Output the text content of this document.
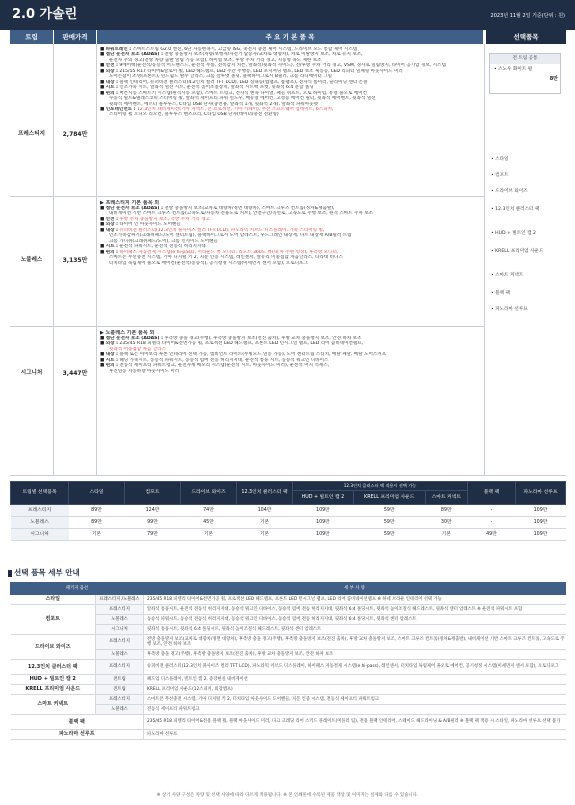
2.0 가솔린	2023년 11월 2일 기준(단위 : 원)
트림	판매가격	주 요 기 본 품 목	선택품목
프레스티지	2,784만
■ 파워트레인 : 스마트스트림 G2.0 엔진, 6단 자동변속기, 고급형 ISG, 축전지 충전 제어 시스템, 드라이브 모드 통합 제어 시스템
■ 첨단 운전자 보조 (ADAS) : 전방 충돌방지 보조(차량/보행자/자전거 탑승자/교차로 대향차), 차로 이탈방지 보조, 차로 유지 보조,
운전자 주의 경고(전방 차량 출발 알림 기능 포함), 하이빔 보조, 후방 주차 거리 경고, 지능형 속도 제한 보조
■ 안전 : 9에어백(운전석/동승석 어드밴스드, 운전석 무릎, 전복감지 커튼, 앞좌석/뒷좌석 사이드), 전/후방 주차 거리 경고, VSM, 경사로 밀림방지, 타이어 공기압 경보, 시스템
■ 외장 : 215/55 R17 타이어&알로이 휠, LED 헤드램프, LED 주간 주행등, LED 포지셔닝 램프, LED 보조 제동등, LED 리피터 일체형 아웃사이드 미러
도어손잡이 조명(프론트), 윈드쉴드 발수 글라스, 크롬 샬루엣 몰딩, 블랙하이그로시 B필러, 크롬 라디에이터 그릴
■ 내장 : 블랙 인테리어, 슈퍼비전 클러스터(4.2인치 컬러 TFT LCD), LED 실내등(맵램프, 룸램프), 전자식 룸미러, 슬라이딩 센터 콘솔
■ 시트 : 인조가죽 시트, 앞좌석 열선 시트, 운전석 높이조절장치, 앞좌석 시트백 포켓, 뒷좌석 6:4 분할 폴딩
■ 편의 : 버튼시동 스마트키 시스템(원격시동 포함), 스마트 트렁크, 전자식 변속 다이얼, 패들 쉬프트, 오토 하이빔, 듀얼 풀오토 에어컨
수동식 틸트&텔레스코픽 스티어링 휠, 앞좌석 세이프티 파워 윈도우, 매뉴얼 에어컨, 고성능 에어컨 필터, 뒷좌석 에어벤트, 뒷좌석 열선
뒷좌석 에어벤트, 에르터 블루투스, C타입 USB 단자(충전용, 앞좌석 1개, 뒷좌석 2개), 앞좌석 파워아웃렛
■ 인포테인먼트 : 12.3인치 내비게이션(기아 커넥트, 폰 프로젝션, 기아 카페이), 무선 소프트웨어 업데이트, 6스피커,
스티어링 휠 오디오 리모컨, 블루투스 핸즈프리, C타입 USB 단자(데이터/충전 전환형)
노블레스	3,135만
▶ 프레스티지 기본 품목 외
■ 첨단 운전자 보조 (ADAS) : 전방 충돌방지 보조(교차로 대향차/정면 대향차), 스마트 크루즈 컨트롤(정차&재출발),
내비게이션 기반 스마트 크루즈 컨트롤(고속도로/자동차 전용도로 커브), 안전구간/곡선로, 고속도로 주행 보조, 원격 스마트 주차 보조
■ 안전 : 후방 주차 충돌방지 보조, 측방 주차 거리 경고
■ 외장 : 타이어 인 아웃사이드 도어핸들
■ 내장 : 슈퍼비전 클러스터(12.3인치 풀사이즈 컬러 TFT LCD), 파노라믹 커브드 디스플레이, 가죽 스티어링 휠,
인조가죽감싸기(크래쉬패드/도어 센터트림), 블랙하이그로시 도어 암레스트, 우드그레인 내장재, 나트 내장재 A/B필러 트림
크롬 가니쉬(크래쉬패드/도어), 크롬 인사이드 도어핸들
■ 시트 : 운전석 파워시트, 운전석 전동식 허리지지대
■ 편의 : 하이패스 자동결제 시스템(e hi-pass), 서라운드 뷰 모니터, 리모트 360도 뷰(내 차 주변 영상), 후측방 모니터,
스마트폰 무선충전 시스템, 기아 디지털 키 2, 지문 인증 시스템, 레인센서, 앞유리 이중접합 차음글라스, 타라대 비디스
터치타입 독립제어 풀오토 에어컨(운전석/동승석), 공기청정 시스템(미세먼지 센서 포함), 오토디포그
시그니처	3,447만
▶ 노블레스 기본 품목 외
■ 첨단 운전자 보조 (ADAS) : 후측방 충돌 경고(주행), 후측방 충돌방지 보조(전진 출차), 후방 교차 충돌방지 보조, 안전 하차 보조
■ 외장 : 235/45 R18 피렐리 타이어&전면가공 휠, 프로젝션 LED 헤드램프, 프론트 LED 턴시그널 램프, LED 리어 콤비네이션램프,
뒷좌석 이중접합 차음 글라스
■ 내장 : 블랙 또는 아이보리 투톤 인테리어 선택 가능, 엠비언트 라이트(무빙모드 연동 가능), 도어 센터트림 스티치, 메탈 페달, 메탈 도어스커프
■ 시트 : 헤딩 가죽시트, 동승석 파워시트, 동승석 럼버 전동 허리지지대, 운전석 통풍 시트, 동승석 워크인 디바이스
■ 편의 : 전동식 세이프티 파워트렁크, 운전자세 메모리 시스템(운전석 시트, 아웃사이드 미러), 운전석 이지 억세스,
후진연동 자동하향 아웃사이드 미러
전 트림 공통
• 스노우 화이트 펄
8만
• 스타일
• 컴포트
• 드라이브 와이즈
• 12.3인치 클러스터 팩
• HUD + 빌트인 캠 2
• KRELL 프리미엄 사운드
• 스마트 커넥트
• 블랙 팩
• 파노라마 선루프
트림별 선택품목	스타일	컴포트	드라이브 와이즈	12.3인치 클러스터 팩	12.3인치 클러스터 팩 적용시 선택 가능			블랙 팩	파노라마 선루프
					HUD + 빌트인 캠 2	KRELL 프리미엄 사운드	스마트 커넥트		
프레스티지	89만	124만	74만	104만	109만	59만	89만	-	109만
노블레스	89만	99만	45만	기본	109만	59만	30만	-	109만
시그니처	기본	79만	기본	기본	109만	59만	기본	49만	109만
선택 품목 세부 안내
패키지 옵션		세 부 사 양
스타일	프레스티지 /노블레스	235/45 R18 피렐리 타이어&전면가공 휠, 프로젝션 LED 헤드램프, 프론트 LED 턴시그널 램프, LED 리어 콤비네이션램프 ※ 하네 브라운 인테리어 선택 가능
컴포트	프레스티지	앞좌석 통풍시트, 운전석 전동식 허리지지대, 동승석 워크인 디바이스, 동승석 럼버 전동 허리지지대, 뒷좌석 6:4 폴딩시트, 뒷좌석 높이조절식 헤드레스트, 뒷좌석 센터 암레스트 ※ 운전석 파워시트 포함
	노블레스	동승석 파워시트, 동승석 전동식 허리지지대, 동승석 워크인 디바이스, 동승석 럼버 전동 허리지지대, 뒷좌석 6:4 폴딩시트, 뒷좌석 센터 암레스트
	시그니처	뒷좌석 통풍시트, 뒷좌석 6:4 폴딩시트, 뒷좌석 높이조절식 헤드레스트, 뒷좌석 센터 암레스트
드라이브 와이즈	프레스티지	전방 충돌방지 보조(교차로 대향차/정면 대향차), 후측방 충돌 경고(주행), 후측방 충돌방지 보조(전진 출차), 후방 교차 충돌방지 보조, 스마트 크루즈 컨트롤(정차&재출발), 내비게이션 기반 스마트 크루즈 컨트롤, 고속도로 주행 보조, 안전 하차 보조
	노블레스	후측방 충돌 경고(주행), 후측방 충돌방지 보조(전진 출차), 후방 교차 충돌방지 보조, 안전 하차 보조
12.3인치 클러스터 팩	프레스티지	슈퍼비전 클러스터(12.3인치 풀사이즈 컬러 TFT LCD), 파노라믹 커브드 디스플레이, 하이패스 자동결제 시스템(e hi-pass), 레인센서, 터치타입 독립제어 풀오토 에어컨, 공기청정 시스템(미세먼지 센서 포함), 오토디포그
HUD + 빌트인 캠 2	전트림	헤드업 디스플레이, 빌트인 캠 2, 증강현실 내비게이션
KRELL 프리미엄 사운드	전트림	KRELL 프리미엄 사운드(12스피커, 외장앰프)
스마트 커넥트	프레스티지	스마트폰 무선충전 시스템, 기아 디지털 키 2, 터치타입 아웃사이드 도어핸들, 지문 인증 시스템, 전동식 세이프티 파워트렁크
	노블레스	전동식 세이프티 파워트렁크
블랙 팩		235/45 R18 피렐리 타이어&전용 블랙 휠, 블랙 아웃사이드 미러, 다크 크레딩 리어 스키드 플레이트(머플러 팁), 전용 블랙 인테리어, 스웨이드 헤드라이닝 & A/B필러 ※ 블랙 팩 적용 시 스타일, 파노라마 선루프 선택 불가
파노라마 선루프		파노라마 선루프
※ 상기 사양 구성은 차량 및 선택 사양에 따라 다르게 적용됩니다. ※ 본 인쇄물에 수록된 제품 색상 및 이미지는 실제와 다를 수 있습니다.
